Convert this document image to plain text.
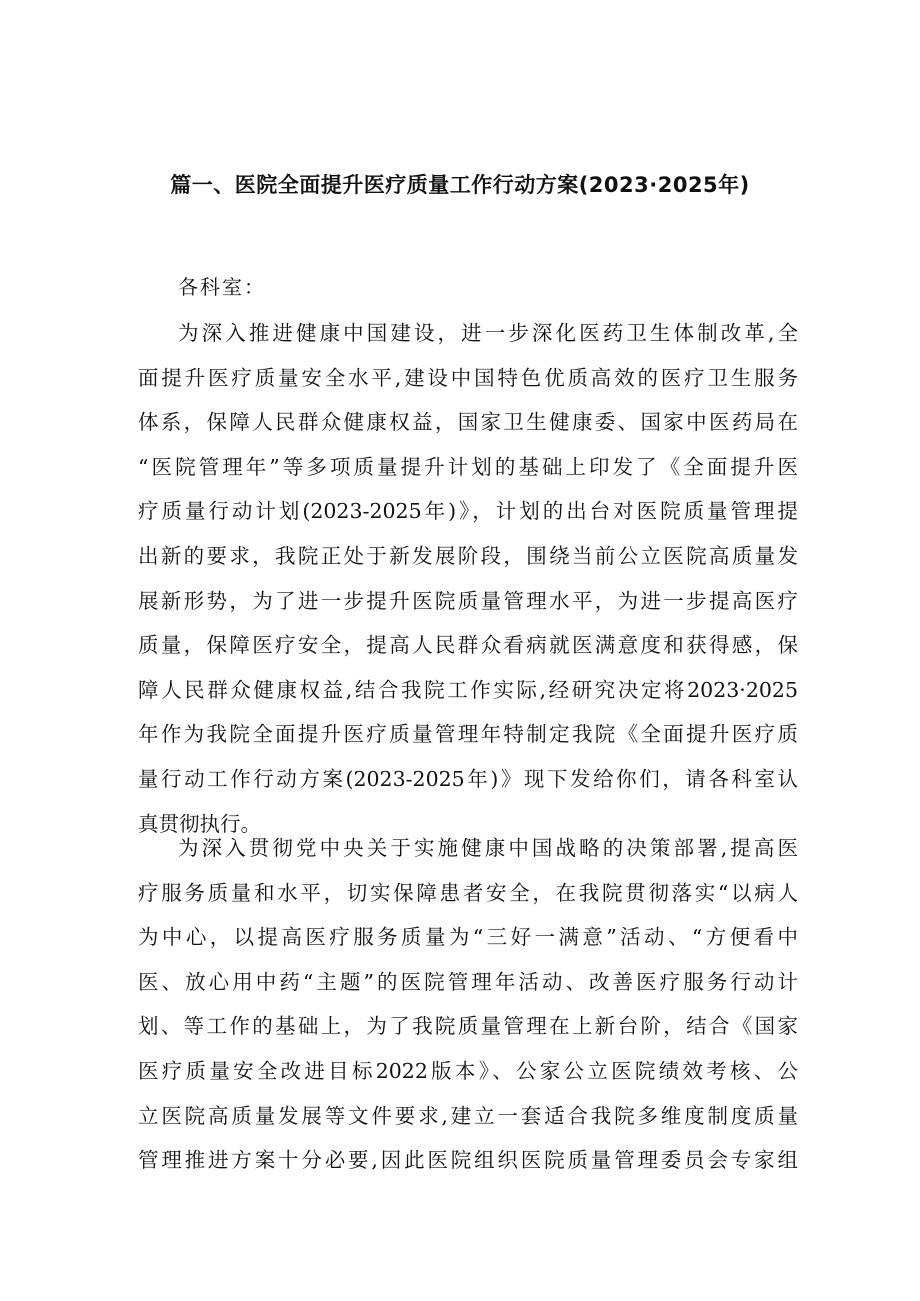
篇一、医院全面提升医疗质量工作行动方案(2023·2025年)
各科室：
为深入推进健康中国建设，进一步深化医药卫生体制改革,全
面提升医疗质量安全水平,建设中国特色优质高效的医疗卫生服务
体系，保障人民群众健康权益，国家卫生健康委、国家中医药局在
“医院管理年”等多项质量提升计划的基础上印发了《全面提升医
疗质量行动计划(2023-2025年)》，计划的出台对医院质量管理提
出新的要求，我院正处于新发展阶段，围绕当前公立医院高质量发
展新形势，为了进一步提升医院质量管理水平，为进一步提高医疗
质量，保障医疗安全，提高人民群众看病就医满意度和获得感，保
障人民群众健康权益,结合我院工作实际,经研究决定将2023·2025
年作为我院全面提升医疗质量管理年特制定我院《全面提升医疗质
量行动工作行动方案(2023-2025年)》现下发给你们，请各科室认
真贯彻执行。
为深入贯彻党中央关于实施健康中国战略的决策部署,提高医
疗服务质量和水平，切实保障患者安全，在我院贯彻落实“以病人
为中心，以提高医疗服务质量为“三好一满意”活动、“方便看中
医、放心用中药“主题”的医院管理年活动、改善医疗服务行动计
划、等工作的基础上，为了我院质量管理在上新台阶，结合《国家
医疗质量安全改进目标2022版本》、公家公立医院绩效考核、公
立医院高质量发展等文件要求,建立一套适合我院多维度制度质量
管理推进方案十分必要,因此医院组织医院质量管理委员会专家组
